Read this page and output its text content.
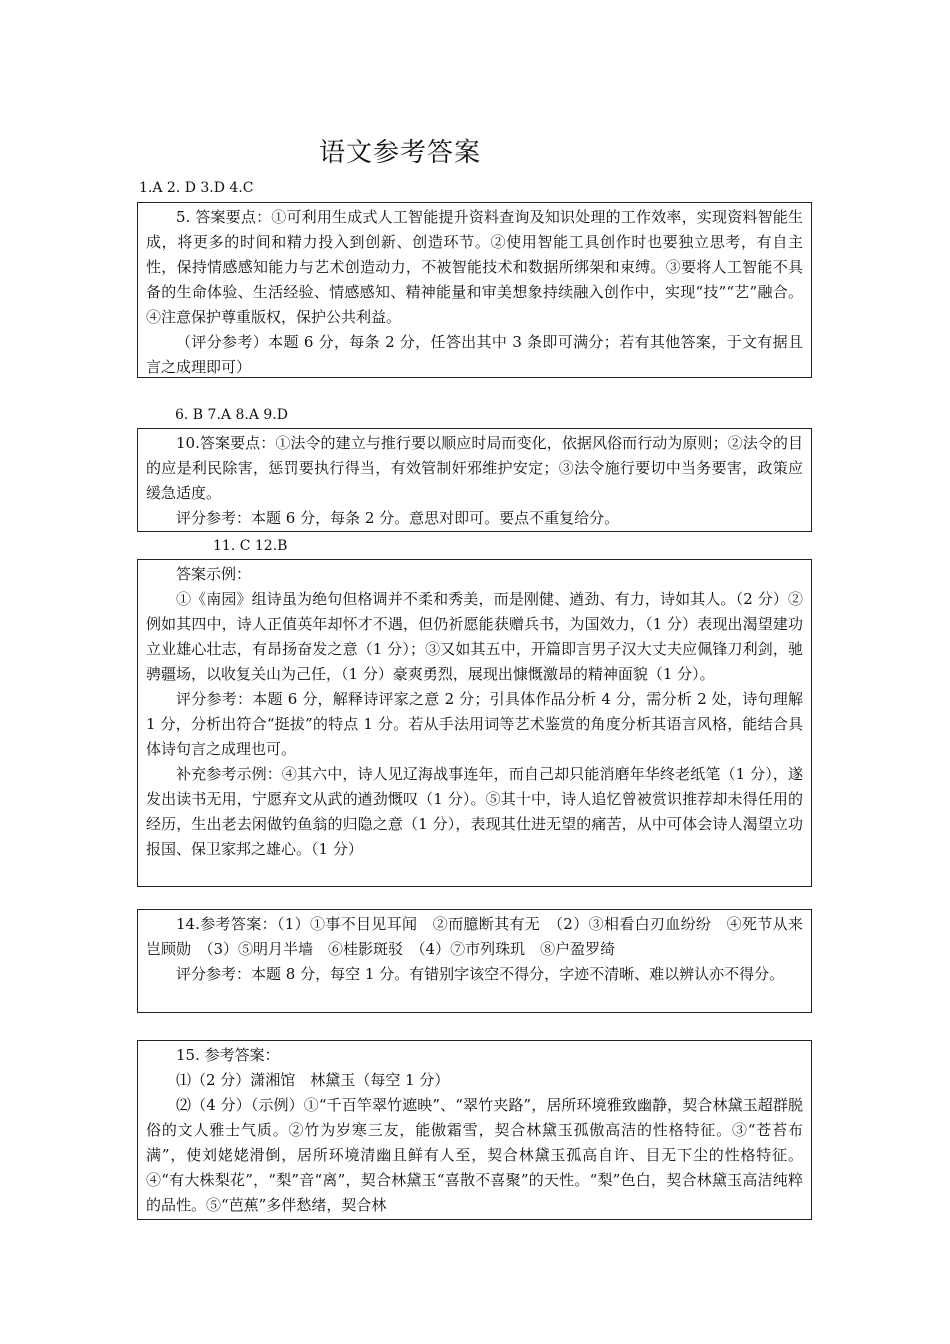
语文参考答案
1.A 2. D 3.D 4.C

5. 答案要点：①可利用生成式人工智能提升资料查询及知识处理的工作效率，实现资料智能生成，将更多的时间和精力投入到创新、创造环节。②使用智能工具创作时也要独立思考，有自主性，保持情感感知能力与艺术创造动力，不被智能技术和数据所绑架和束缚。③要将人工智能不具备的生命体验、生活经验、情感感知、精神能量和审美想象持续融入创作中，实现“技”“艺”融合。④注意保护尊重版权，保护公共利益。

（评分参考）本题 6 分，每条 2 分，任答出其中 3 条即可满分；若有其他答案，于文有据且言之成理即可）

6. B 7.A 8.A 9.D

10.答案要点：①法令的建立与推行要以顺应时局而变化，依据风俗而行动为原则；②法令的目的应是利民除害，惩罚要执行得当，有效管制奸邪维护安定；③法令施行要切中当务要害，政策应缓急适度。

评分参考：本题 6 分，每条 2 分。意思对即可。要点不重复给分。

11. C 12.B

答案示例：

①《南园》组诗虽为绝句但格调并不柔和秀美，而是刚健、遒劲、有力，诗如其人。（2 分）②例如其四中，诗人正值英年却怀才不遇，但仍祈愿能获赠兵书，为国效力，（1 分）表现出渴望建功立业雄心壮志，有昂扬奋发之意（1 分）；③又如其五中，开篇即言男子汉大丈夫应佩锋刀利剑，驰骋疆场，以收复关山为己任，（1 分）豪爽勇烈，展现出慷慨激昂的精神面貌（1 分）。

评分参考：本题 6 分，解释诗评家之意 2 分；引具体作品分析 4 分，需分析 2 处，诗句理解 1 分，分析出符合“挺拔”的特点 1 分。若从手法用词等艺术鉴赏的角度分析其语言风格，能结合具体诗句言之成理也可。

补充参考示例：④其六中，诗人见辽海战事连年，而自己却只能消磨年华终老纸笔（1 分），遂发出读书无用，宁愿弃文从武的遒劲慨叹（1 分）。⑤其十中，诗人追忆曾被赏识推荐却未得任用的经历，生出老去闲做钓鱼翁的归隐之意（1 分），表现其仕进无望的痛苦，从中可体会诗人渴望立功报国、保卫家邦之雄心。（1 分）

14.参考答案：（1）①事不目见耳闻　②而臆断其有无　（2）③相看白刃血纷纷　④死节从来岂顾勋　（3）⑤明月半墙　⑥桂影斑驳　（4）⑦市列珠玑　⑧户盈罗绮

评分参考：本题 8 分，每空 1 分。有错别字该空不得分，字迹不清晰、难以辨认亦不得分。

15. 参考答案：

⑴（2 分）潇湘馆　林黛玉（每空 1 分）

⑵（4 分）（示例）①“千百竿翠竹遮映”、“翠竹夹路”，居所环境雅致幽静，契合林黛玉超群脱俗的文人雅士气质。②竹为岁寒三友，能傲霜雪，契合林黛玉孤傲高洁的性格特征。③“苍苔布满”，使刘姥姥滑倒，居所环境清幽且鲜有人至，契合林黛玉孤高自许、目无下尘的性格特征。④“有大株梨花”，“梨”音“离”，契合林黛玉“喜散不喜聚”的天性。“梨”色白，契合林黛玉高洁纯粹的品性。⑤“芭蕉”多伴愁绪，契合林
